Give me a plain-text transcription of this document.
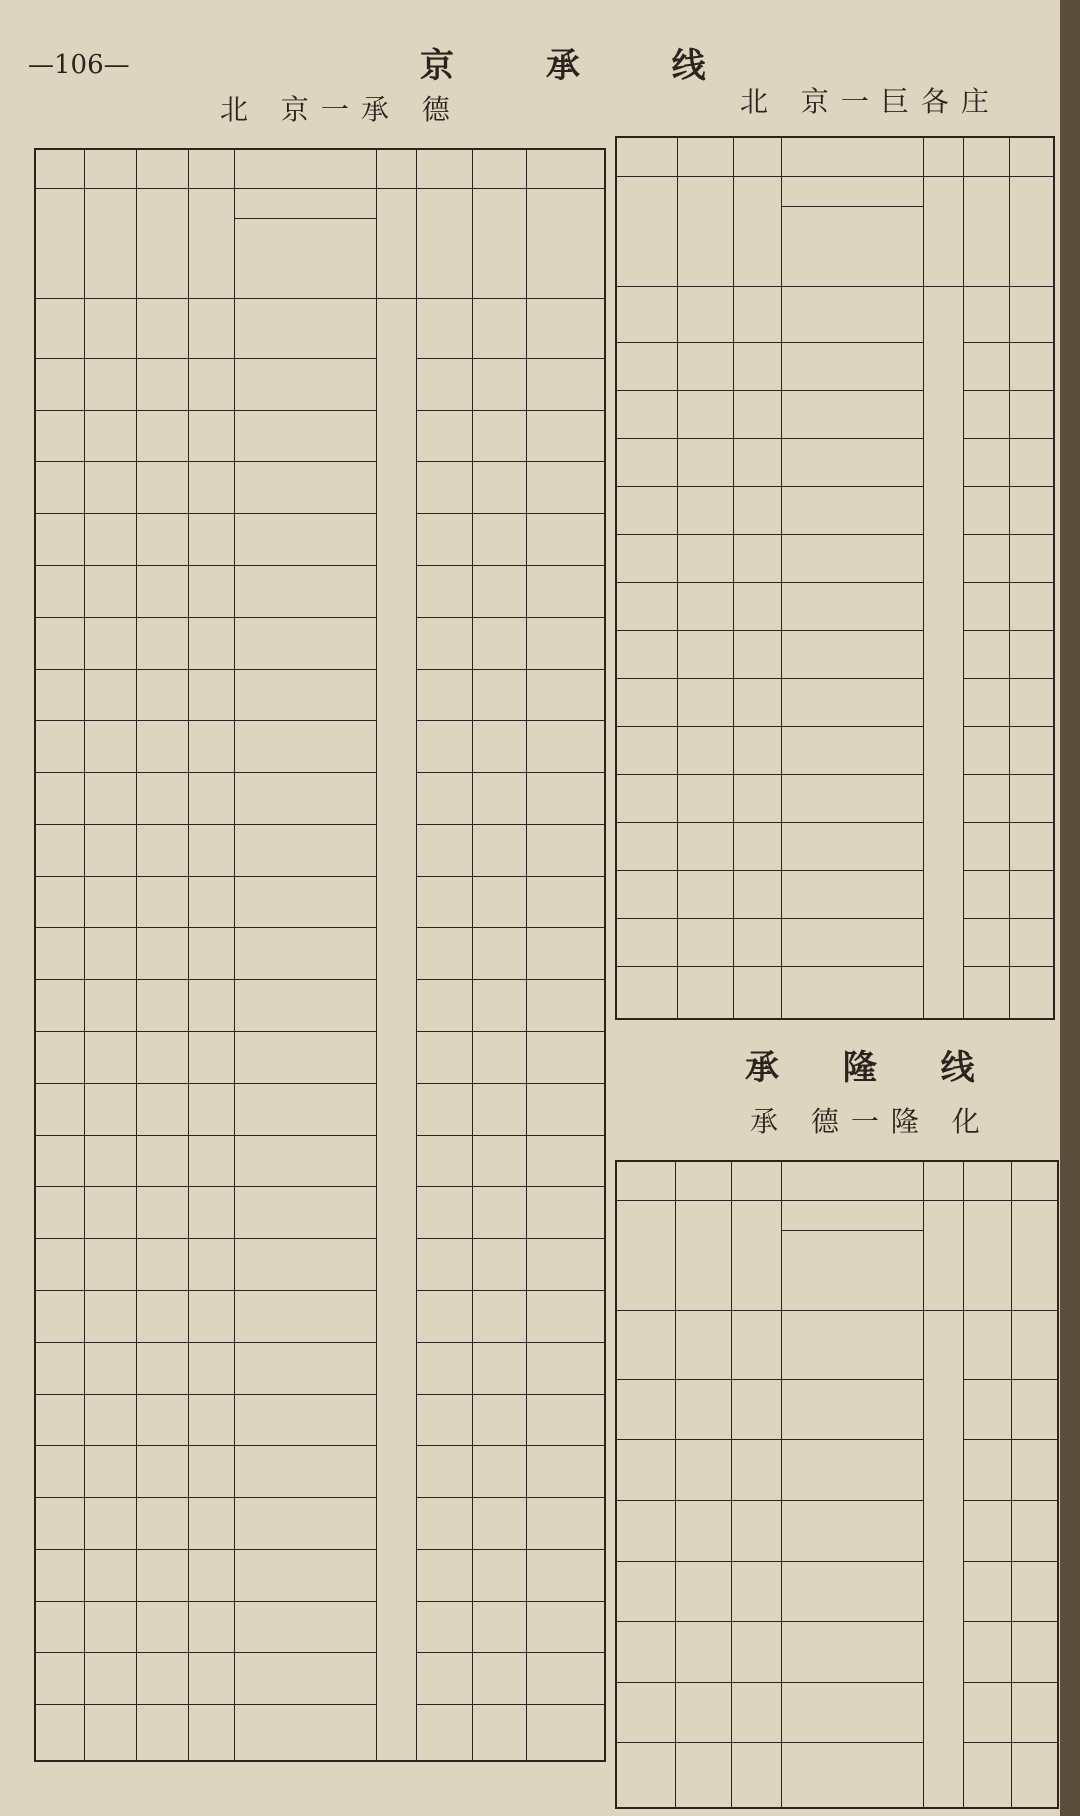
—106—	京 承 线
北 京一承 德	北 京一巨各庄
承 隆 线
承 德一隆 化
